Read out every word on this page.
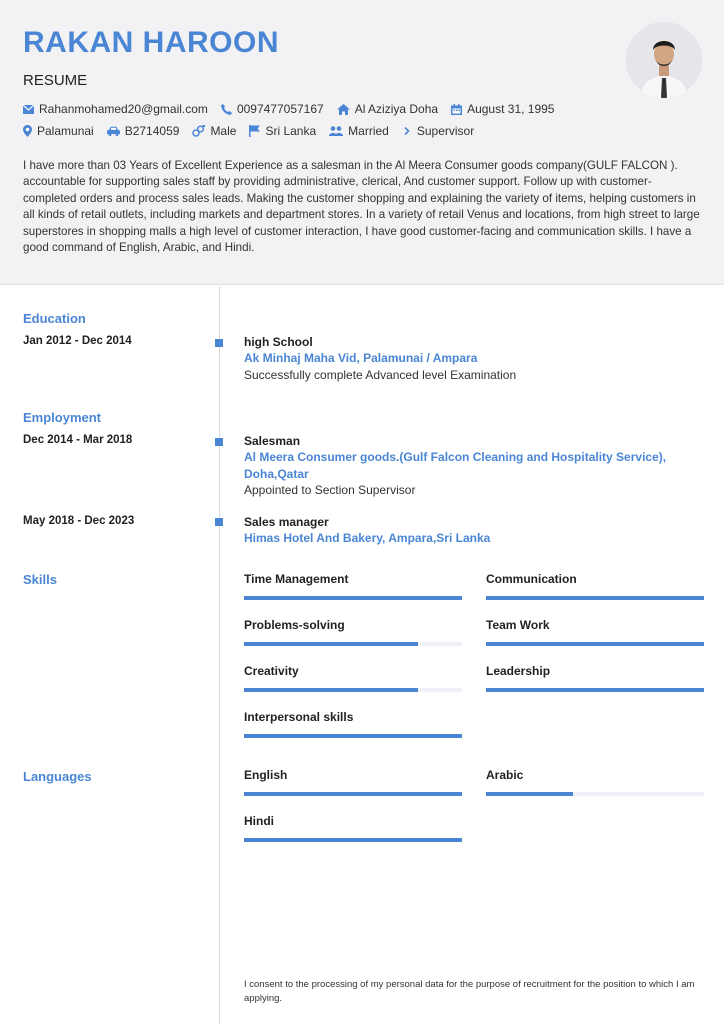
RAKAN HAROON
RESUME
Rahanmohamed20@gmail.com 0097477057167	Al Aziziya Doha August 31, 1995
Palamunai	B2714059	Male Sri Lanka	Married Supervisor
I have more than 03 Years of Excellent Experience as a salesman in the Al Meera Consumer goods company(GULF FALCON ). accountable for supporting sales staff by providing administrative, clerical, And customer support. Follow up with customer-completed orders and process sales leads. Making the customer shopping and explaining the variety of items, helping customers in all kinds of retail outlets, including markets and department stores. In a variety of retail Venus and locations, from high street to large superstores in shopping malls a high level of customer interaction, I have good customer-facing and communication skills. I have a good command of English, Arabic, and Hindi.
Education
Jan 2012 - Dec 2014	high School
Ak Minhaj Maha Vid, Palamunai / Ampara
Successfully complete Advanced level Examination
Employment
Dec 2014 - Mar 2018	Salesman
Al Meera Consumer goods.(Gulf Falcon Cleaning and Hospitality Service), Doha,Qatar
Appointed to Section Supervisor
May 2018 - Dec 2023	Sales manager
Himas Hotel And Bakery, Ampara,Sri Lanka
Skills	Time Management	Communication
Problems-solving	Team Work
Creativity	Leadership
Interpersonal skills
Languages	English	Arabic
Hindi
I consent to the processing of my personal data for the purpose of recruitment for the position to which I am applying.
